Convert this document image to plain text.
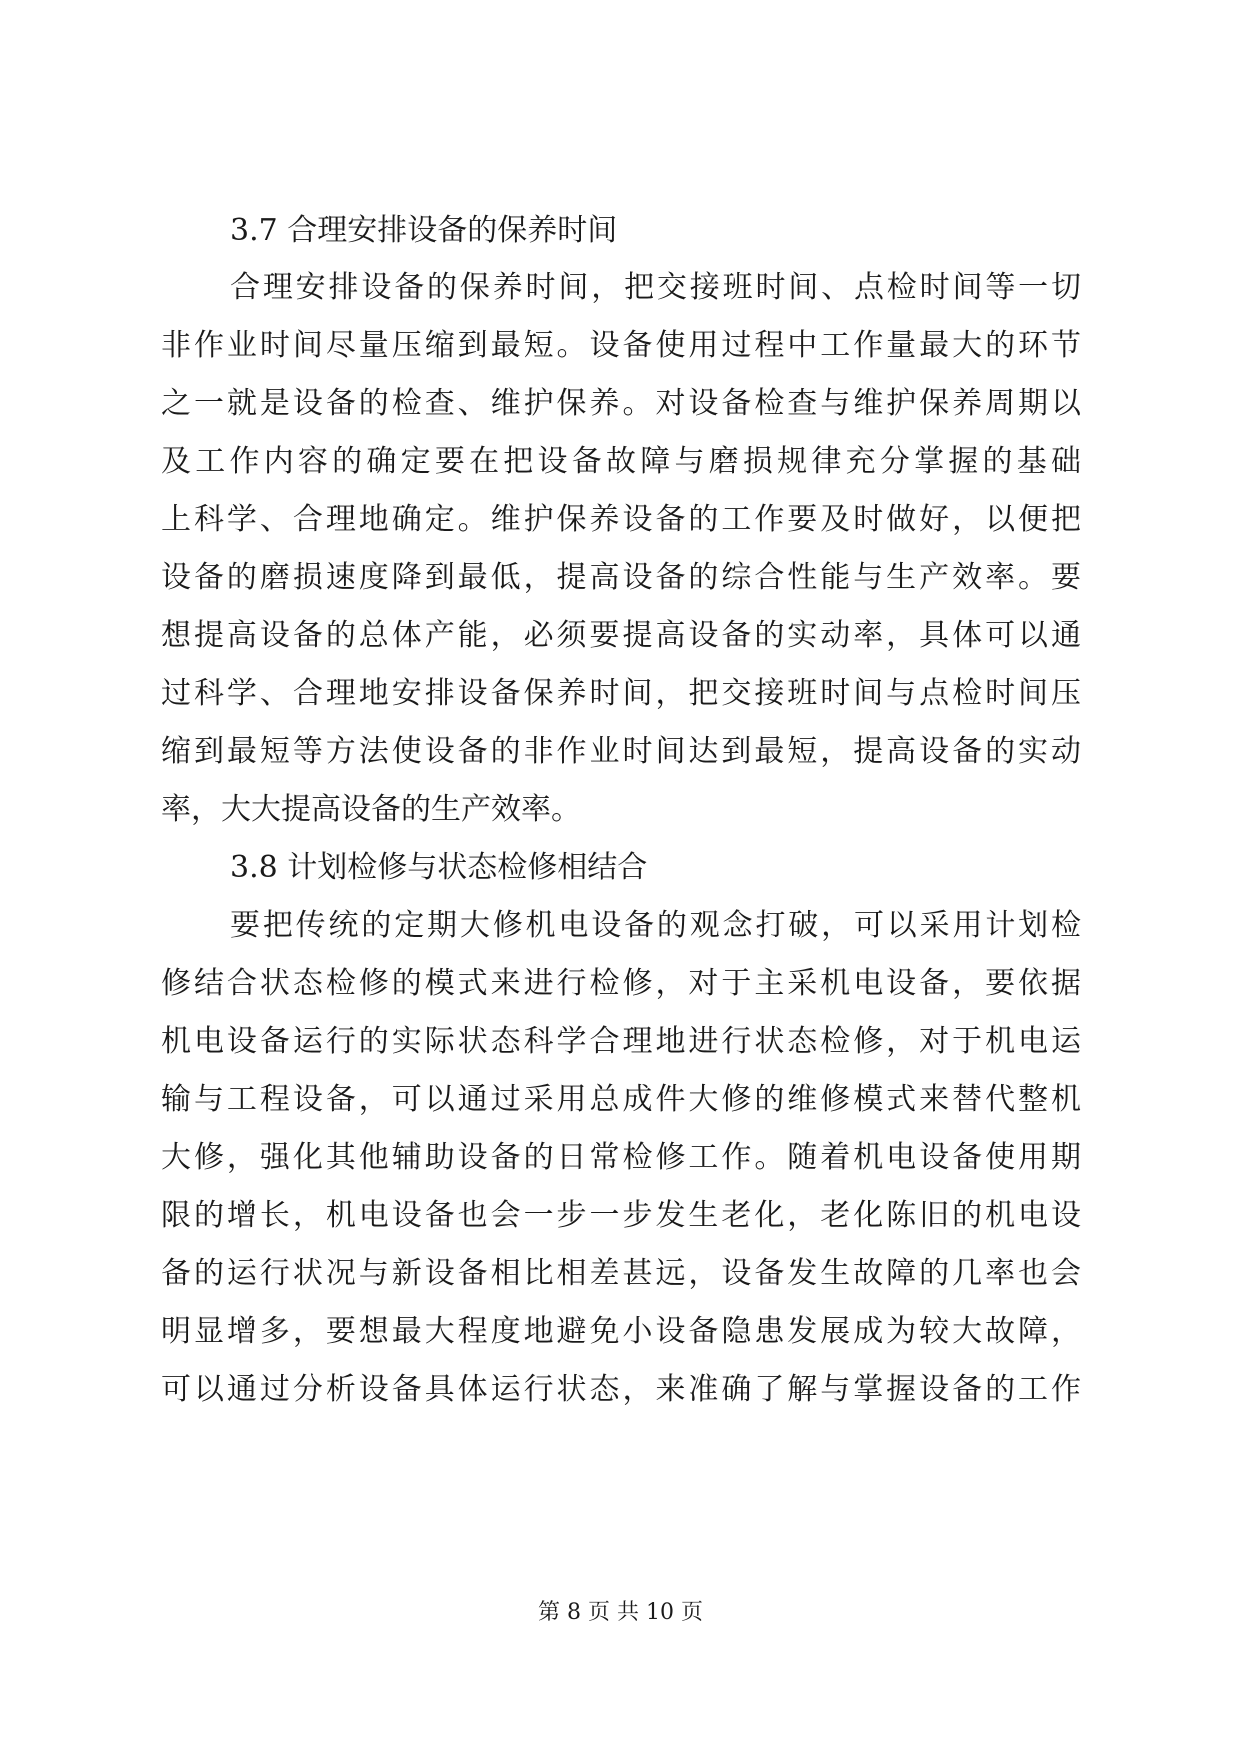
3.7 合理安排设备的保养时间
合理安排设备的保养时间，把交接班时间、点检时间等一切
非作业时间尽量压缩到最短。设备使用过程中工作量最大的环节
之一就是设备的检查、维护保养。对设备检查与维护保养周期以
及工作内容的确定要在把设备故障与磨损规律充分掌握的基础
上科学、合理地确定。维护保养设备的工作要及时做好，以便把
设备的磨损速度降到最低，提高设备的综合性能与生产效率。要
想提高设备的总体产能，必须要提高设备的实动率，具体可以通
过科学、合理地安排设备保养时间，把交接班时间与点检时间压
缩到最短等方法使设备的非作业时间达到最短，提高设备的实动
率，大大提高设备的生产效率。
3.8 计划检修与状态检修相结合
要把传统的定期大修机电设备的观念打破，可以采用计划检
修结合状态检修的模式来进行检修，对于主采机电设备，要依据
机电设备运行的实际状态科学合理地进行状态检修，对于机电运
输与工程设备，可以通过采用总成件大修的维修模式来替代整机
大修，强化其他辅助设备的日常检修工作。随着机电设备使用期
限的增长，机电设备也会一步一步发生老化，老化陈旧的机电设
备的运行状况与新设备相比相差甚远，设备发生故障的几率也会
明显增多，要想最大程度地避免小设备隐患发展成为较大故障，
可以通过分析设备具体运行状态，来准确了解与掌握设备的工作
第 8 页 共 10 页
